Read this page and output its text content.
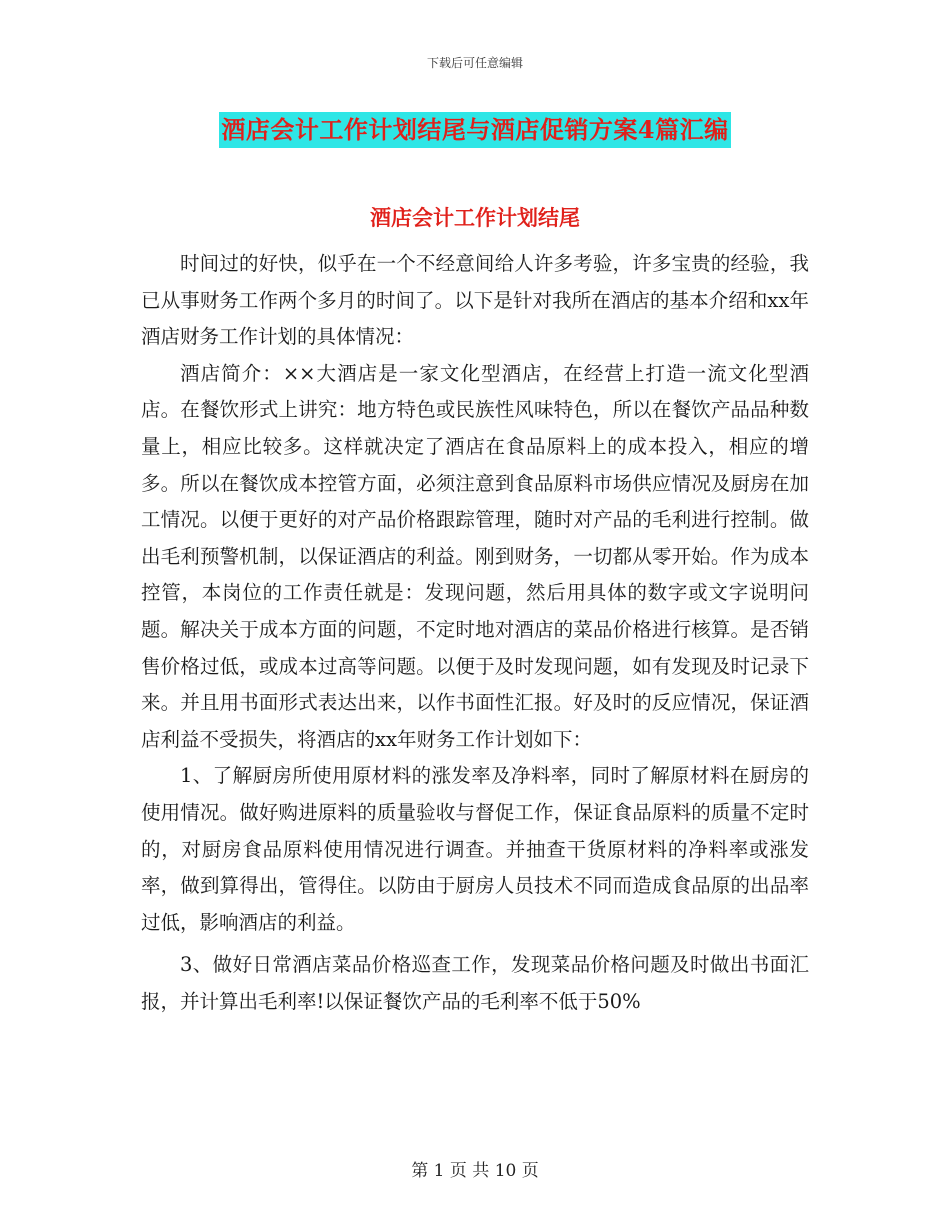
下载后可任意编辑
酒店会计工作计划结尾与酒店促销方案4篇汇编
酒店会计工作计划结尾

时间过的好快，似乎在一个不经意间给人许多考验，许多宝贵的经验，我已从事财务工作两个多月的时间了。以下是针对我所在酒店的基本介绍和xx年酒店财务工作计划的具体情况：

酒店简介：××大酒店是一家文化型酒店，在经营上打造一流文化型酒店。在餐饮形式上讲究：地方特色或民族性风味特色，所以在餐饮产品品种数量上，相应比较多。这样就决定了酒店在食品原料上的成本投入，相应的增多。所以在餐饮成本控管方面，必须注意到食品原料市场供应情况及厨房在加工情况。以便于更好的对产品价格跟踪管理，随时对产品的毛利进行控制。做出毛利预警机制，以保证酒店的利益。刚到财务，一切都从零开始。作为成本控管，本岗位的工作责任就是：发现问题，然后用具体的数字或文字说明问题。解决关于成本方面的问题，不定时地对酒店的菜品价格进行核算。是否销售价格过低，或成本过高等问题。以便于及时发现问题，如有发现及时记录下来。并且用书面形式表达出来，以作书面性汇报。好及时的反应情况，保证酒店利益不受损失，将酒店的xx年财务工作计划如下：

1、了解厨房所使用原材料的涨发率及净料率，同时了解原材料在厨房的使用情况。做好购进原料的质量验收与督促工作，保证食品原料的质量不定时的，对厨房食品原料使用情况进行调查。并抽查干货原材料的净料率或涨发率，做到算得出，管得住。以防由于厨房人员技术不同而造成食品原的出品率过低，影响酒店的利益。

3、做好日常酒店菜品价格巡查工作，发现菜品价格问题及时做出书面汇报，并计算出毛利率!以保证餐饮产品的毛利率不低于50%

第 1 页 共 10 页
